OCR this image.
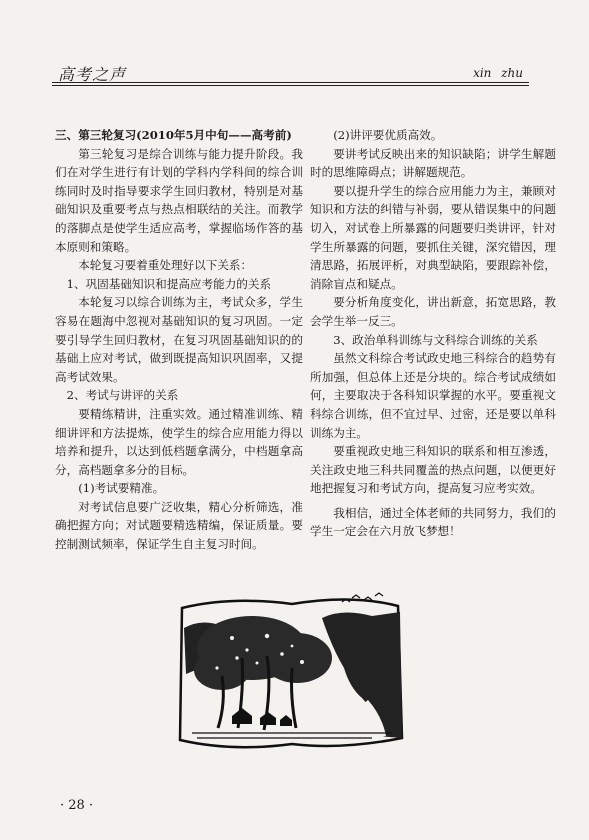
高考之声	xin zhu

三、第三轮复习(2010年5月中旬——高考前)

第三轮复习是综合训练与能力提升阶段。我们在对学生进行有计划的学科内学科间的综合训练同时及时指导要求学生回归教材，特别是对基础知识及重要考点与热点相联结的关注。而教学的落脚点是使学生适应高考，掌握临场作答的基本原则和策略。

本轮复习要着重处理好以下关系：

1、巩固基础知识和提高应考能力的关系

本轮复习以综合训练为主，考试众多，学生容易在题海中忽视对基础知识的复习巩固。一定要引导学生回归教材，在复习巩固基础知识的的基础上应对考试，做到既提高知识巩固率，又提高考试效果。

2、考试与讲评的关系

要精练精讲，注重实效。通过精准训练、精细讲评和方法提炼，使学生的综合应用能力得以培养和提升，以达到低档题拿满分，中档题拿高分，高档题拿多分的目标。

(1)考试要精准。

对考试信息要广泛收集，精心分析筛选，准确把握方向；对试题要精选精编，保证质量。要控制测试频率，保证学生自主复习时间。

(2)讲评要优质高效。

要讲考试反映出来的知识缺陷；讲学生解题时的思维障碍点；讲解题规范。

要以提升学生的综合应用能力为主，兼顾对知识和方法的纠错与补弱，要从错误集中的问题切入，对试卷上所暴露的问题要归类讲评，针对学生所暴露的问题，要抓住关键，深究错因，理清思路，拓展评析，对典型缺陷，要跟踪补偿，消除盲点和疑点。

要分析角度变化，讲出新意，拓宽思路，教会学生举一反三。

3、政治单科训练与文科综合训练的关系

虽然文科综合考试政史地三科综合的趋势有所加强，但总体上还是分块的。综合考试成绩如何，主要取决于各科知识掌握的水平。要重视文科综合训练，但不宜过早、过密，还是要以单科训练为主。

要重视政史地三科知识的联系和相互渗透，关注政史地三科共同覆盖的热点问题，以便更好地把握复习和考试方向，提高复习应考实效。

我相信，通过全体老师的共同努力，我们的学生一定会在六月放飞梦想！

· 28 ·
